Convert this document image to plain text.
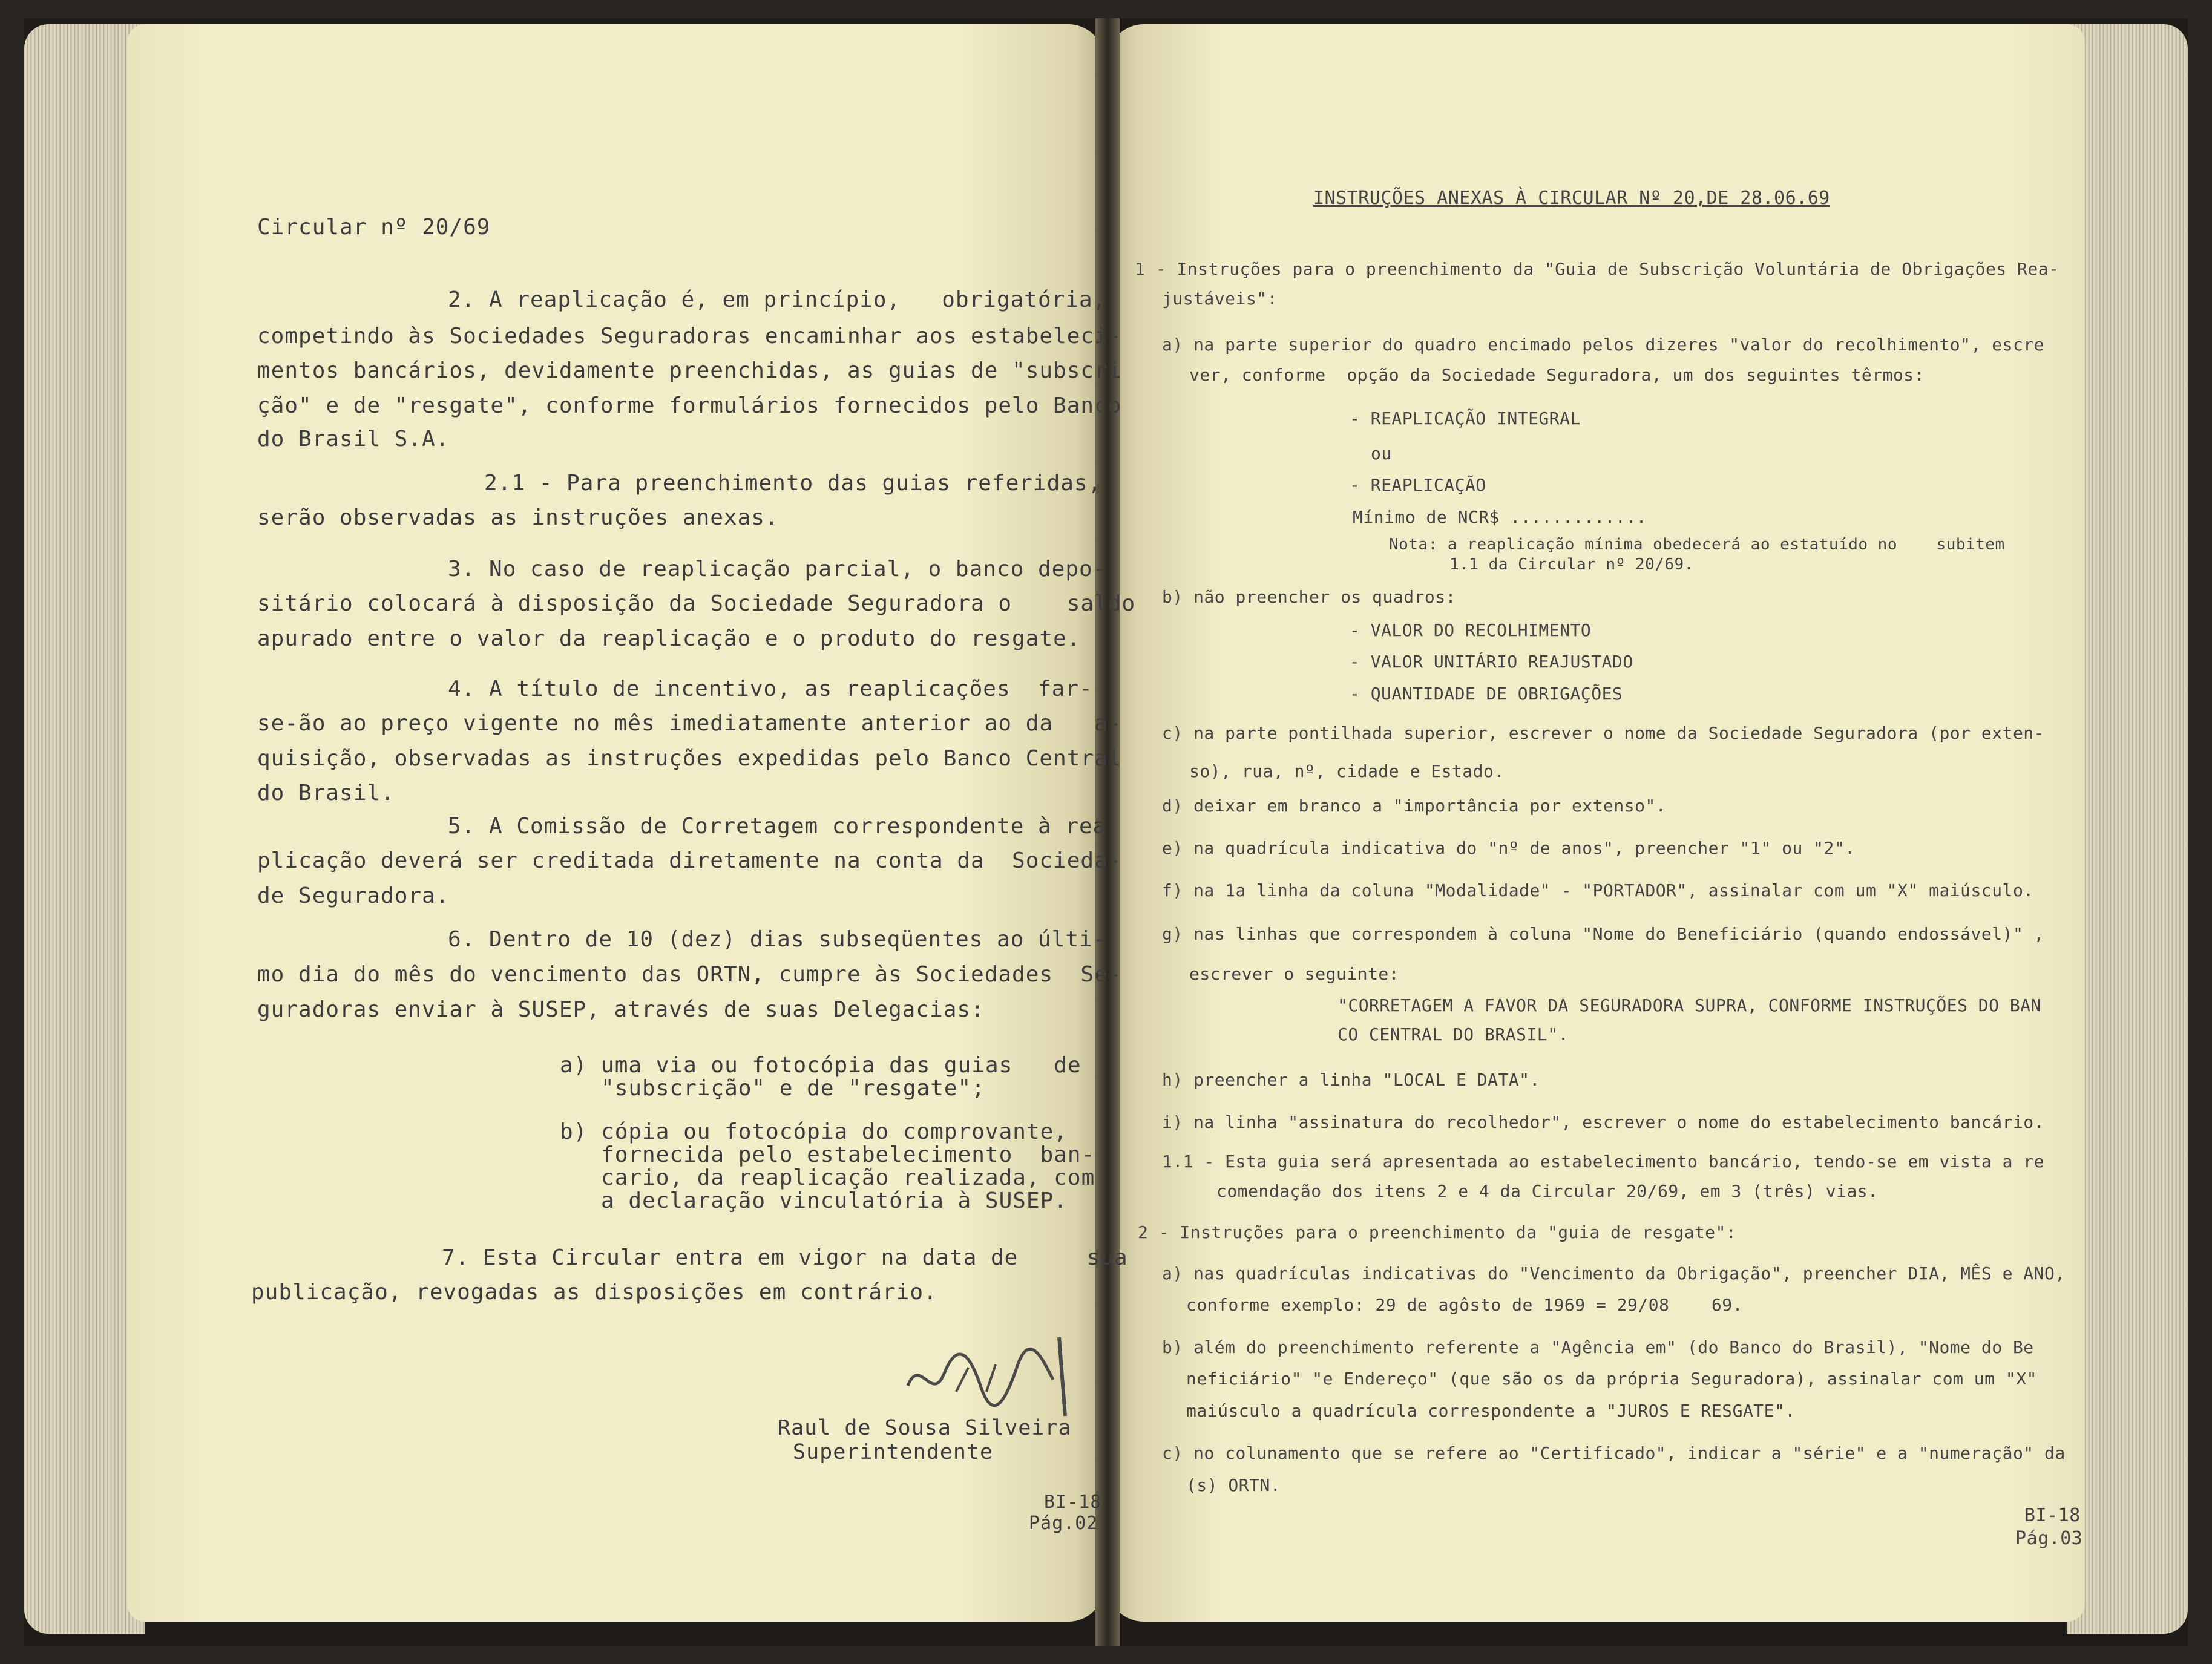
Circular nº 20/69
2. A reaplicação é, em princípio,   obrigatória,
competindo às Sociedades Seguradoras encaminhar aos estabeleci-
mentos bancários, devidamente preenchidas, as guias de "subscri
ção" e de "resgate", conforme formulários fornecidos pelo Banco
do Brasil S.A.
2.1 - Para preenchimento das guias referidas,
serão observadas as instruções anexas.
3. No caso de reaplicação parcial, o banco depo-
sitário colocará à disposição da Sociedade Seguradora o    saldo
apurado entre o valor da reaplicação e o produto do resgate.
4. A título de incentivo, as reaplicações  far-
se-ão ao preço vigente no mês imediatamente anterior ao da   a-
quisição, observadas as instruções expedidas pelo Banco Central
do Brasil.
5. A Comissão de Corretagem correspondente à rea
plicação deverá ser creditada diretamente na conta da  Socieda-
de Seguradora.
6. Dentro de 10 (dez) dias subseqüentes ao últi-
mo dia do mês do vencimento das ORTN, cumpre às Sociedades  Se-
guradoras enviar à SUSEP, através de suas Delegacias:
a) uma via ou fotocópia das guias   de
"subscrição" e de "resgate";
b) cópia ou fotocópia do comprovante,
fornecida pelo estabelecimento  ban-
cario, da reaplicação realizada, com
a declaração vinculatória à SUSEP.
7. Esta Circular entra em vigor na data de     sua
publicação, revogadas as disposições em contrário.
Raul de Sousa Silveira
Superintendente
BI-18
Pág.02
INSTRUÇÕES ANEXAS À CIRCULAR Nº 20,DE 28.06.69
1 - Instruções para o preenchimento da "Guia de Subscrição Voluntária de Obrigações Rea-
justáveis":
a) na parte superior do quadro encimado pelos dizeres "valor do recolhimento", escre
ver, conforme  opção da Sociedade Seguradora, um dos seguintes têrmos:
- REAPLICAÇÃO INTEGRAL
ou
- REAPLICAÇÃO
Mínimo de NCR$ .............
Nota: a reaplicação mínima obedecerá ao estatuído no    subitem
1.1 da Circular nº 20/69.
b) não preencher os quadros:
- VALOR DO RECOLHIMENTO
- VALOR UNITÁRIO REAJUSTADO
- QUANTIDADE DE OBRIGAÇÕES
c) na parte pontilhada superior, escrever o nome da Sociedade Seguradora (por exten-
so), rua, nº, cidade e Estado.
d) deixar em branco a "importância por extenso".
e) na quadrícula indicativa do "nº de anos", preencher "1" ou "2".
f) na 1a linha da coluna "Modalidade" - "PORTADOR", assinalar com um "X" maiúsculo.
g) nas linhas que correspondem à coluna "Nome do Beneficiário (quando endossável)" ,
escrever o seguinte:
"CORRETAGEM A FAVOR DA SEGURADORA SUPRA, CONFORME INSTRUÇÕES DO BAN
CO CENTRAL DO BRASIL".
h) preencher a linha "LOCAL E DATA".
i) na linha "assinatura do recolhedor", escrever o nome do estabelecimento bancário.
1.1 - Esta guia será apresentada ao estabelecimento bancário, tendo-se em vista a re
comendação dos itens 2 e 4 da Circular 20/69, em 3 (três) vias.
2 - Instruções para o preenchimento da "guia de resgate":
a) nas quadrículas indicativas do "Vencimento da Obrigação", preencher DIA, MÊS e ANO,
conforme exemplo: 29 de agôsto de 1969 = 29/08    69.
b) além do preenchimento referente a "Agência em" (do Banco do Brasil), "Nome do Be
neficiário" "e Endereço" (que são os da própria Seguradora), assinalar com um "X"
maiúsculo a quadrícula correspondente a "JUROS E RESGATE".
c) no colunamento que se refere ao "Certificado", indicar a "série" e a "numeração" da
(s) ORTN.
BI-18
Pág.03
